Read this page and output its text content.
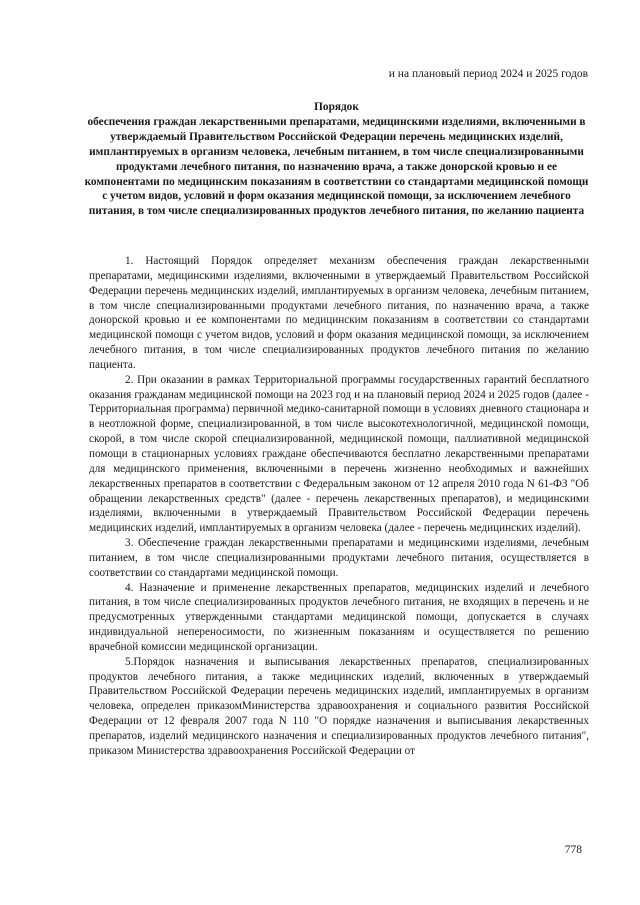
и на плановый период 2024 и 2025 годов
Порядок
обеспечения граждан лекарственными препаратами, медицинскими изделиями, включенными в утверждаемый Правительством Российской Федерации перечень медицинских изделий, имплантируемых в организм человека, лечебным питанием, в том числе специализированными продуктами лечебного питания, по назначению врача, а также донорской кровью и ее компонентами по медицинским показаниям в соответствии со стандартами медицинской помощи с учетом видов, условий и форм оказания медицинской помощи, за исключением лечебного питания, в том числе специализированных продуктов лечебного питания, по желанию пациента

1. Настоящий Порядок определяет механизм обеспечения граждан лекарственными препаратами, медицинскими изделиями, включенными в утверждаемый Правительством Российской Федерации перечень медицинских изделий, имплантируемых в организм человека, лечебным питанием, в том числе специализированными продуктами лечебного питания, по назначению врача, а также донорской кровью и ее компонентами по медицинским показаниям в соответствии со стандартами медицинской помощи с учетом видов, условий и форм оказания медицинской помощи, за исключением лечебного питания, в том числе специализированных продуктов лечебного питания по желанию пациента.

2. При оказании в рамках Территориальной программы государственных гарантий бесплатного оказания гражданам медицинской помощи на 2023 год и на плановый период 2024 и 2025 годов (далее - Территориальная программа) первичной медико-санитарной помощи в условиях дневного стационара и в неотложной форме, специализированной, в том числе высокотехнологичной, медицинской помощи, скорой, в том числе скорой специализированной, медицинской помощи, паллиативной медицинской помощи в стационарных условиях граждане обеспечиваются бесплатно лекарственными препаратами для медицинского применения, включенными в перечень жизненно необходимых и важнейших лекарственных препаратов в соответствии с Федеральным законом от 12 апреля 2010 года N 61-ФЗ "Об обращении лекарственных средств" (далее - перечень лекарственных препаратов), и медицинскими изделиями, включенными в утверждаемый Правительством Российской Федерации перечень медицинских изделий, имплантируемых в организм человека (далее - перечень медицинских изделий).

3. Обеспечение граждан лекарственными препаратами и медицинскими изделиями, лечебным питанием, в том числе специализированными продуктами лечебного питания, осуществляется в соответствии со стандартами медицинской помощи.

4. Назначение и применение лекарственных препаратов, медицинских изделий и лечебного питания, в том числе специализированных продуктов лечебного питания, не входящих в перечень и не предусмотренных утвержденными стандартами медицинской помощи, допускается в случаях индивидуальной непереносимости, по жизненным показаниям и осуществляется по решению врачебной комиссии медицинской организации.

5.Порядок назначения и выписывания лекарственных препаратов, специализированных продуктов лечебного питания, а также медицинских изделий, включенных в утверждаемый Правительством Российской Федерации перечень медицинских изделий, имплантируемых в организм человека, определен приказомМинистерства здравоохранения и социального развития Российской Федерации от 12 февраля 2007 года N 110 "О порядке назначения и выписывания лекарственных препаратов, изделий медицинского назначения и специализированных продуктов лечебного питания", приказом Министерства здравоохранения Российской Федерации от

778
